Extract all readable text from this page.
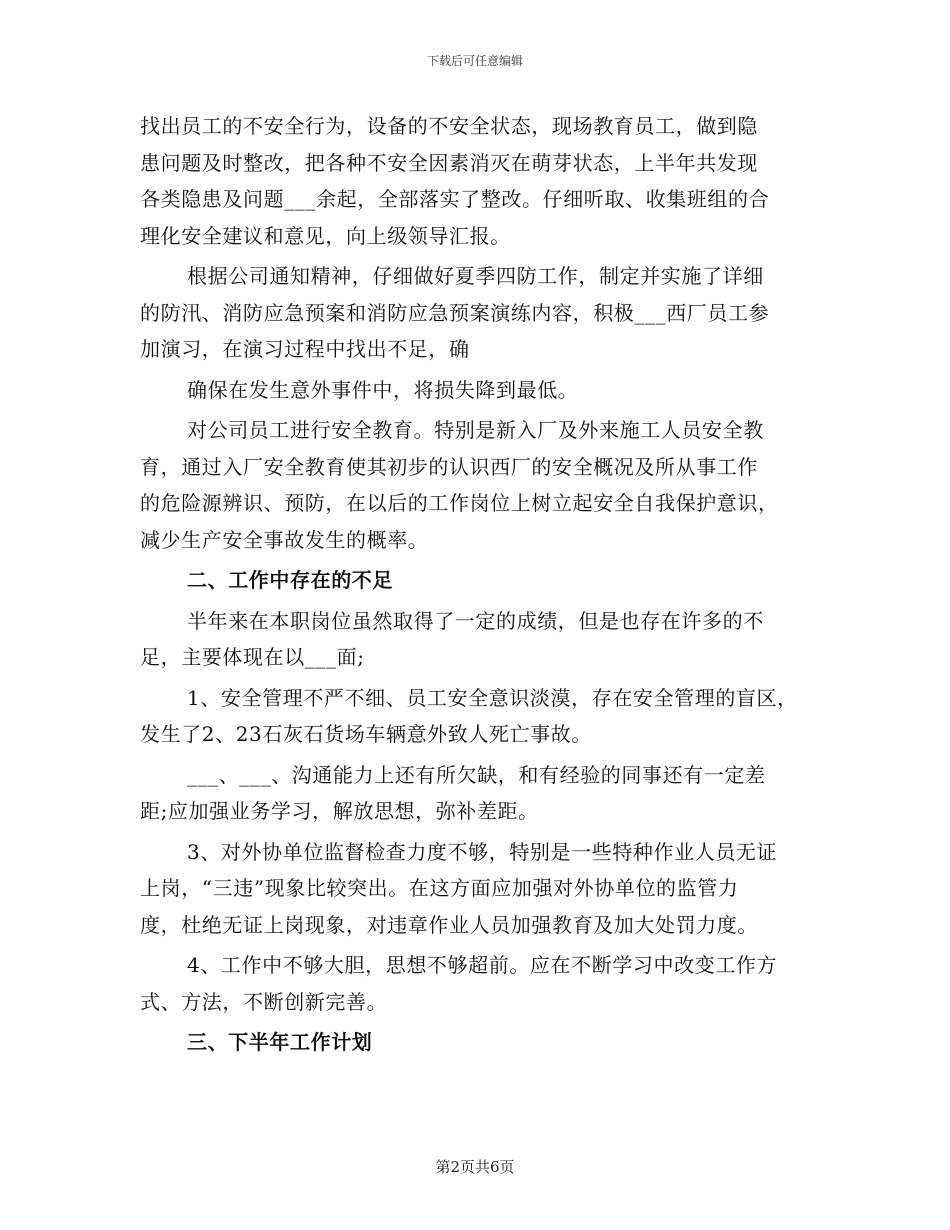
下载后可任意编辑
找出员工的不安全行为，设备的不安全状态，现场教育员工，做到隐
患问题及时整改，把各种不安全因素消灭在萌芽状态，上半年共发现
各类隐患及问题___余起，全部落实了整改。仔细听取、收集班组的合
理化安全建议和意见，向上级领导汇报。
根据公司通知精神，仔细做好夏季四防工作，制定并实施了详细
的防汛、消防应急预案和消防应急预案演练内容，积极___西厂员工参
加演习，在演习过程中找出不足，确
确保在发生意外事件中，将损失降到最低。
对公司员工进行安全教育。特别是新入厂及外来施工人员安全教
育，通过入厂安全教育使其初步的认识西厂的安全概况及所从事工作
的危险源辨识、预防，在以后的工作岗位上树立起安全自我保护意识，
减少生产安全事故发生的概率。
二、工作中存在的不足
半年来在本职岗位虽然取得了一定的成绩，但是也存在许多的不
足，主要体现在以___面;
1、安全管理不严不细、员工安全意识淡漠，存在安全管理的盲区，
发生了2、23石灰石货场车辆意外致人死亡事故。
___、___、沟通能力上还有所欠缺，和有经验的同事还有一定差
距;应加强业务学习，解放思想，弥补差距。
3、对外协单位监督检查力度不够，特别是一些特种作业人员无证
上岗，“三违”现象比较突出。在这方面应加强对外协单位的监管力
度，杜绝无证上岗现象，对违章作业人员加强教育及加大处罚力度。
4、工作中不够大胆，思想不够超前。应在不断学习中改变工作方
式、方法，不断创新完善。
三、下半年工作计划
第2页共6页
